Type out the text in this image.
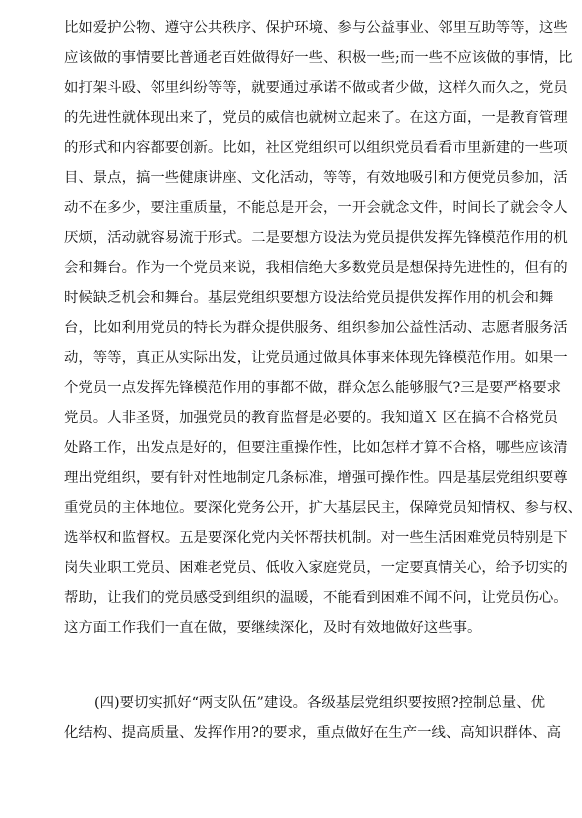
比如爱护公物、遵守公共秩序、保护环境、参与公益事业、邻里互助等等，这些
应该做的事情要比普通老百姓做得好一些、积极一些;而一些不应该做的事情，比
如打架斗殴、邻里纠纷等等，就要通过承诺不做或者少做，这样久而久之，党员
的先进性就体现出来了，党员的威信也就树立起来了。在这方面，一是教育管理
的形式和内容都要创新。比如，社区党组织可以组织党员看看市里新建的一些项
目、景点，搞一些健康讲座、文化活动，等等，有效地吸引和方便党员参加，活
动不在多少，要注重质量，不能总是开会，一开会就念文件，时间长了就会令人
厌烦，活动就容易流于形式。二是要想方设法为党员提供发挥先锋模范作用的机
会和舞台。作为一个党员来说，我相信绝大多数党员是想保持先进性的，但有的
时候缺乏机会和舞台。基层党组织要想方设法给党员提供发挥作用的机会和舞
台，比如利用党员的特长为群众提供服务、组织参加公益性活动、志愿者服务活
动，等等，真正从实际出发，让党员通过做具体事来体现先锋模范作用。如果一
个党员一点发挥先锋模范作用的事都不做，群众怎么能够服气?三是要严格要求
党员。人非圣贤，加强党员的教育监督是必要的。我知道Ｘ 区在搞不合格党员
处路工作，出发点是好的，但要注重操作性，比如怎样才算不合格，哪些应该清
理出党组织，要有针对性地制定几条标准，增强可操作性。四是基层党组织要尊
重党员的主体地位。要深化党务公开，扩大基层民主，保障党员知情权、参与权、
选举权和监督权。五是要深化党内关怀帮扶机制。对一些生活困难党员特别是下
岗失业职工党员、困难老党员、低收入家庭党员，一定要真情关心，给予切实的
帮助，让我们的党员感受到组织的温暖，不能看到困难不闻不问，让党员伤心。
这方面工作我们一直在做，要继续深化，及时有效地做好这些事。
(四)要切实抓好“两支队伍”建设。各级基层党组织要按照?控制总量、优
化结构、提高质量、发挥作用?的要求，重点做好在生产一线、高知识群体、高
